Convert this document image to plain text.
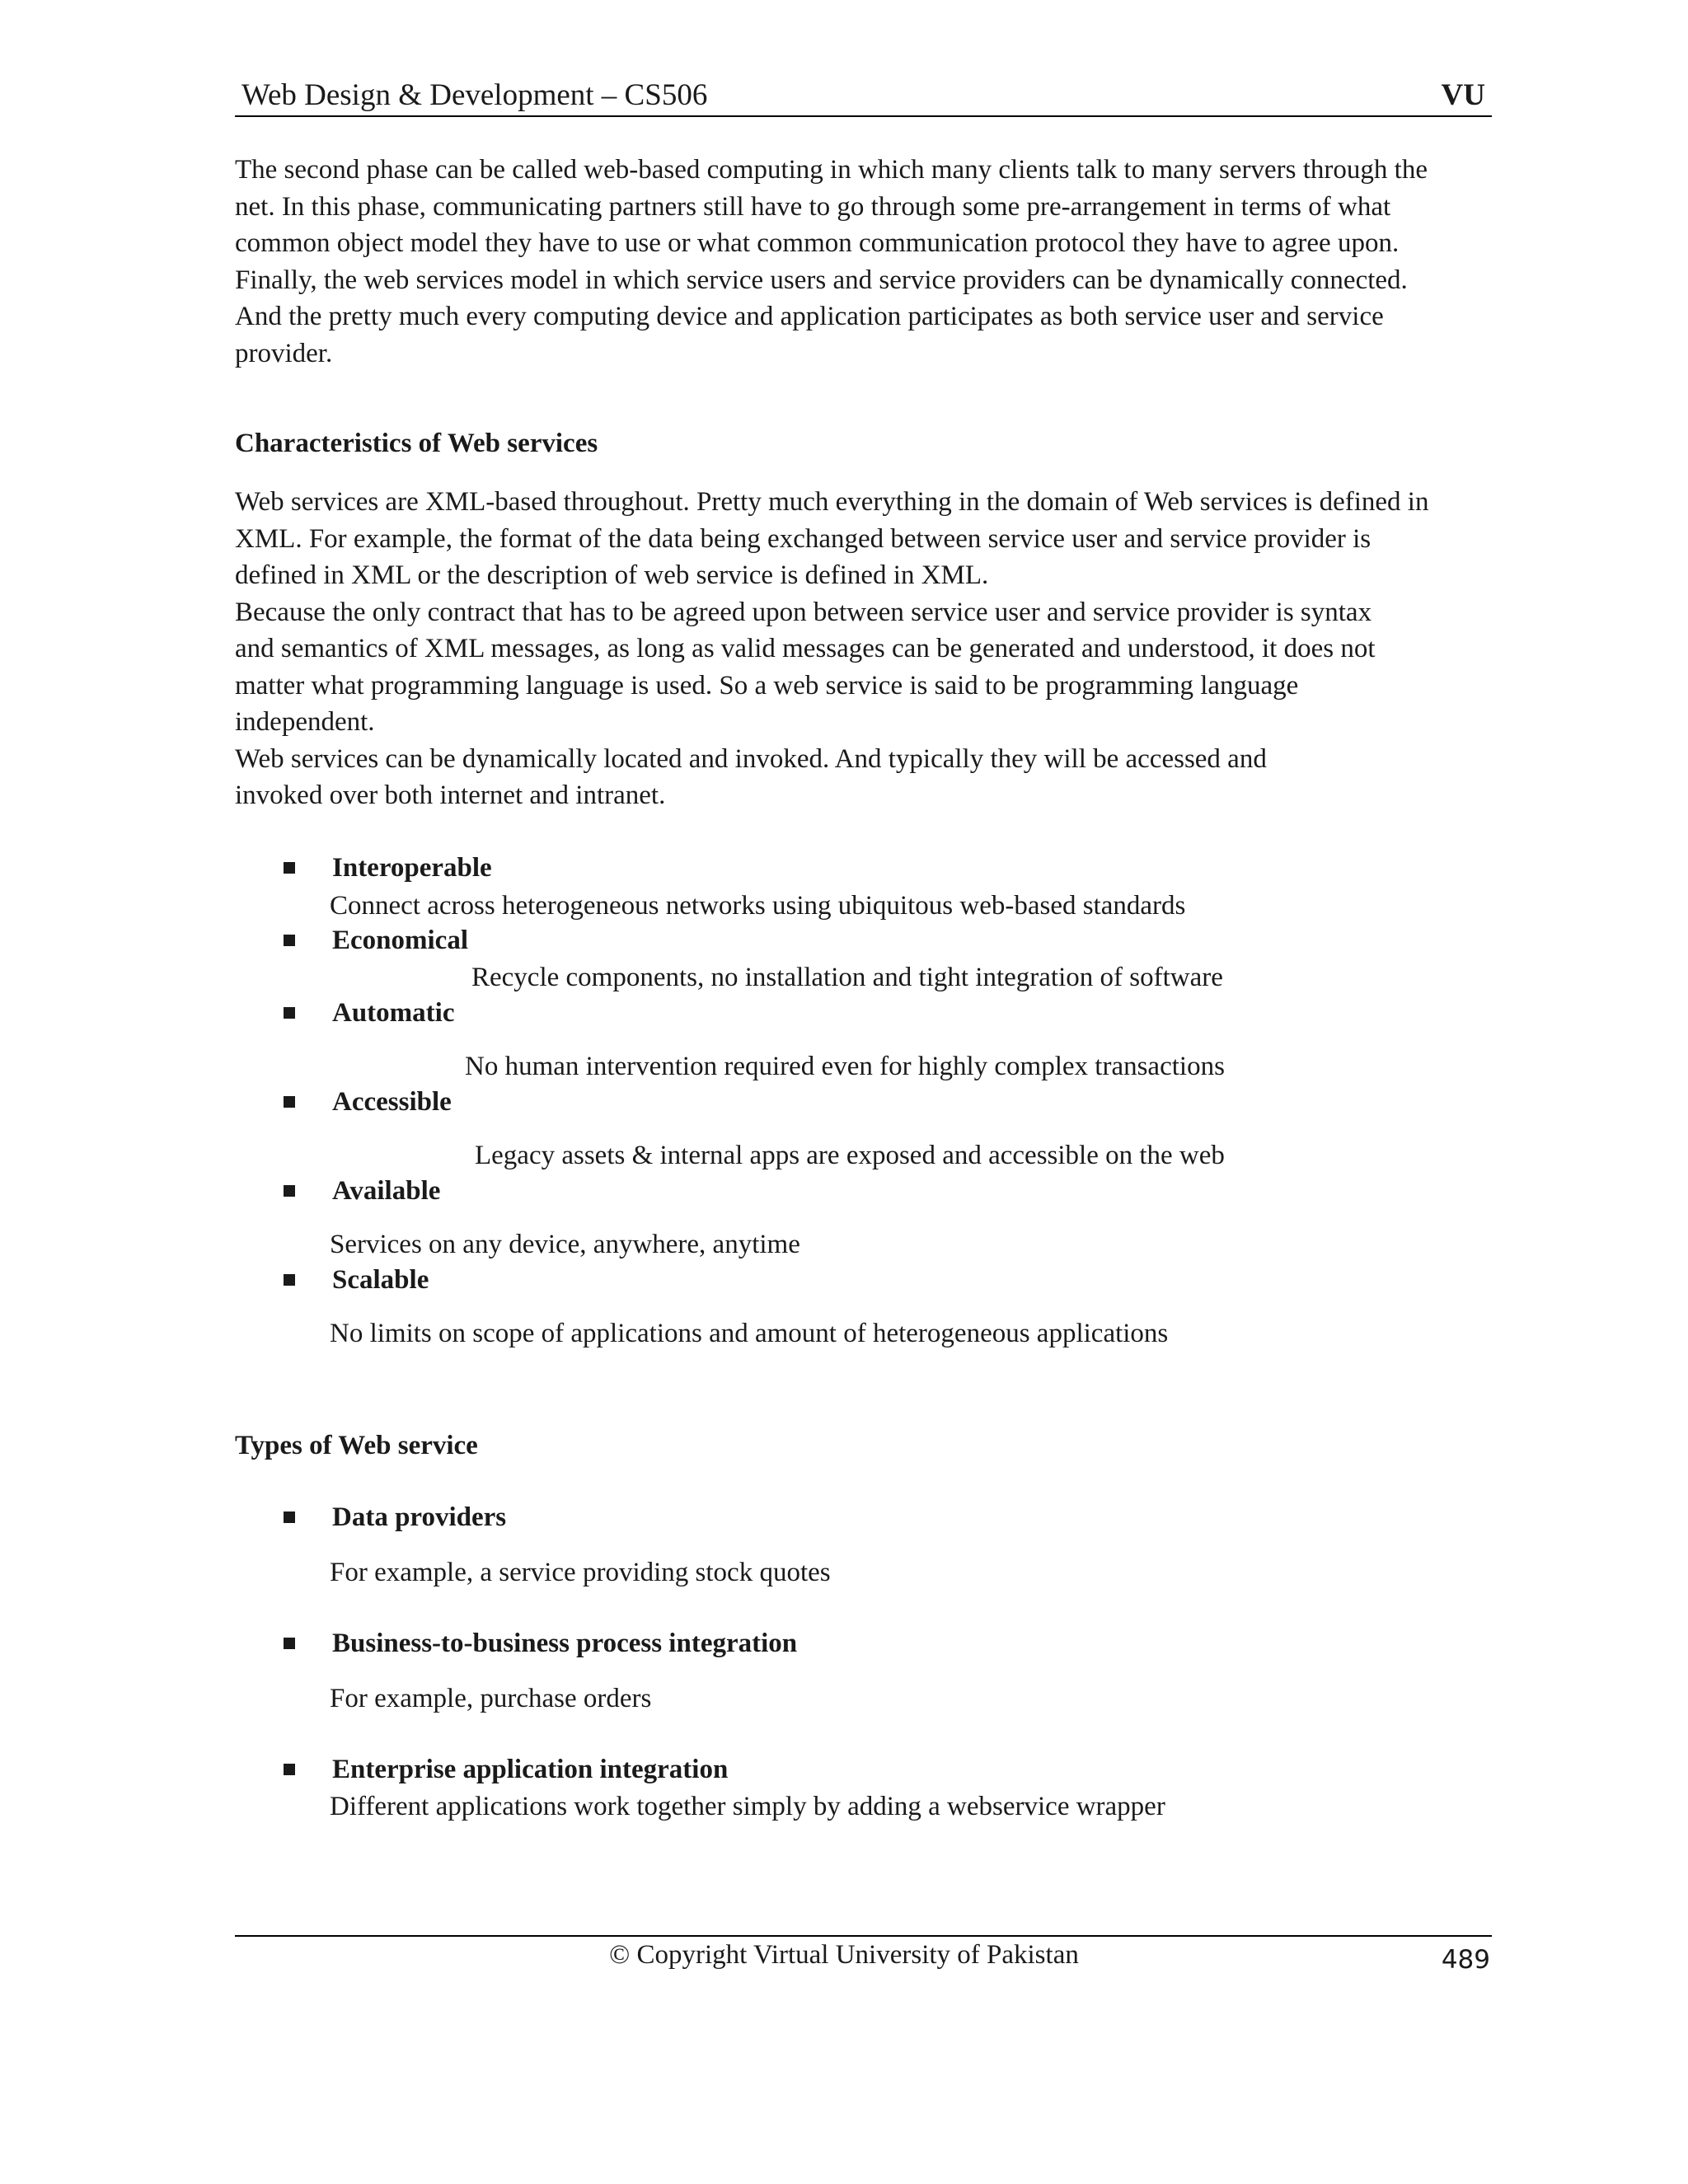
Web Design & Development – CS506	VU

The second phase can be called web-based computing in which many clients talk to many servers through the

net. In this phase, communicating partners still have to go through some pre-arrangement in terms of what

common object model they have to use or what common communication protocol they have to agree upon.

Finally, the web services model in which service users and service providers can be dynamically connected.

And the pretty much every computing device and application participates as both service user and service

provider.

Characteristics of Web services

Web services are XML-based throughout. Pretty much everything in the domain of Web services is defined in

XML. For example, the format of the data being exchanged between service user and service provider is

defined in XML or the description of web service is defined in XML.

Because the only contract that has to be agreed upon between service user and service provider is syntax

and semantics of XML messages, as long as valid messages can be generated and understood, it does not

matter what programming language is used. So a web service is said to be programming language

independent.

Web services can be dynamically located and invoked. And typically they will be accessed and

invoked over both internet and intranet.

Interoperable
Connect across heterogeneous networks using ubiquitous web-based standards
Economical
Recycle components, no installation and tight integration of software
Automatic
No human intervention required even for highly complex transactions
Accessible
Legacy assets & internal apps are exposed and accessible on the web
Available
Services on any device, anywhere, anytime
Scalable
No limits on scope of applications and amount of heterogeneous applications
Types of Web service
Data providers
For example, a service providing stock quotes
Business-to-business process integration
For example, purchase orders
Enterprise application integration
Different applications work together simply by adding a webservice wrapper
© Copyright Virtual University of Pakistan	489
